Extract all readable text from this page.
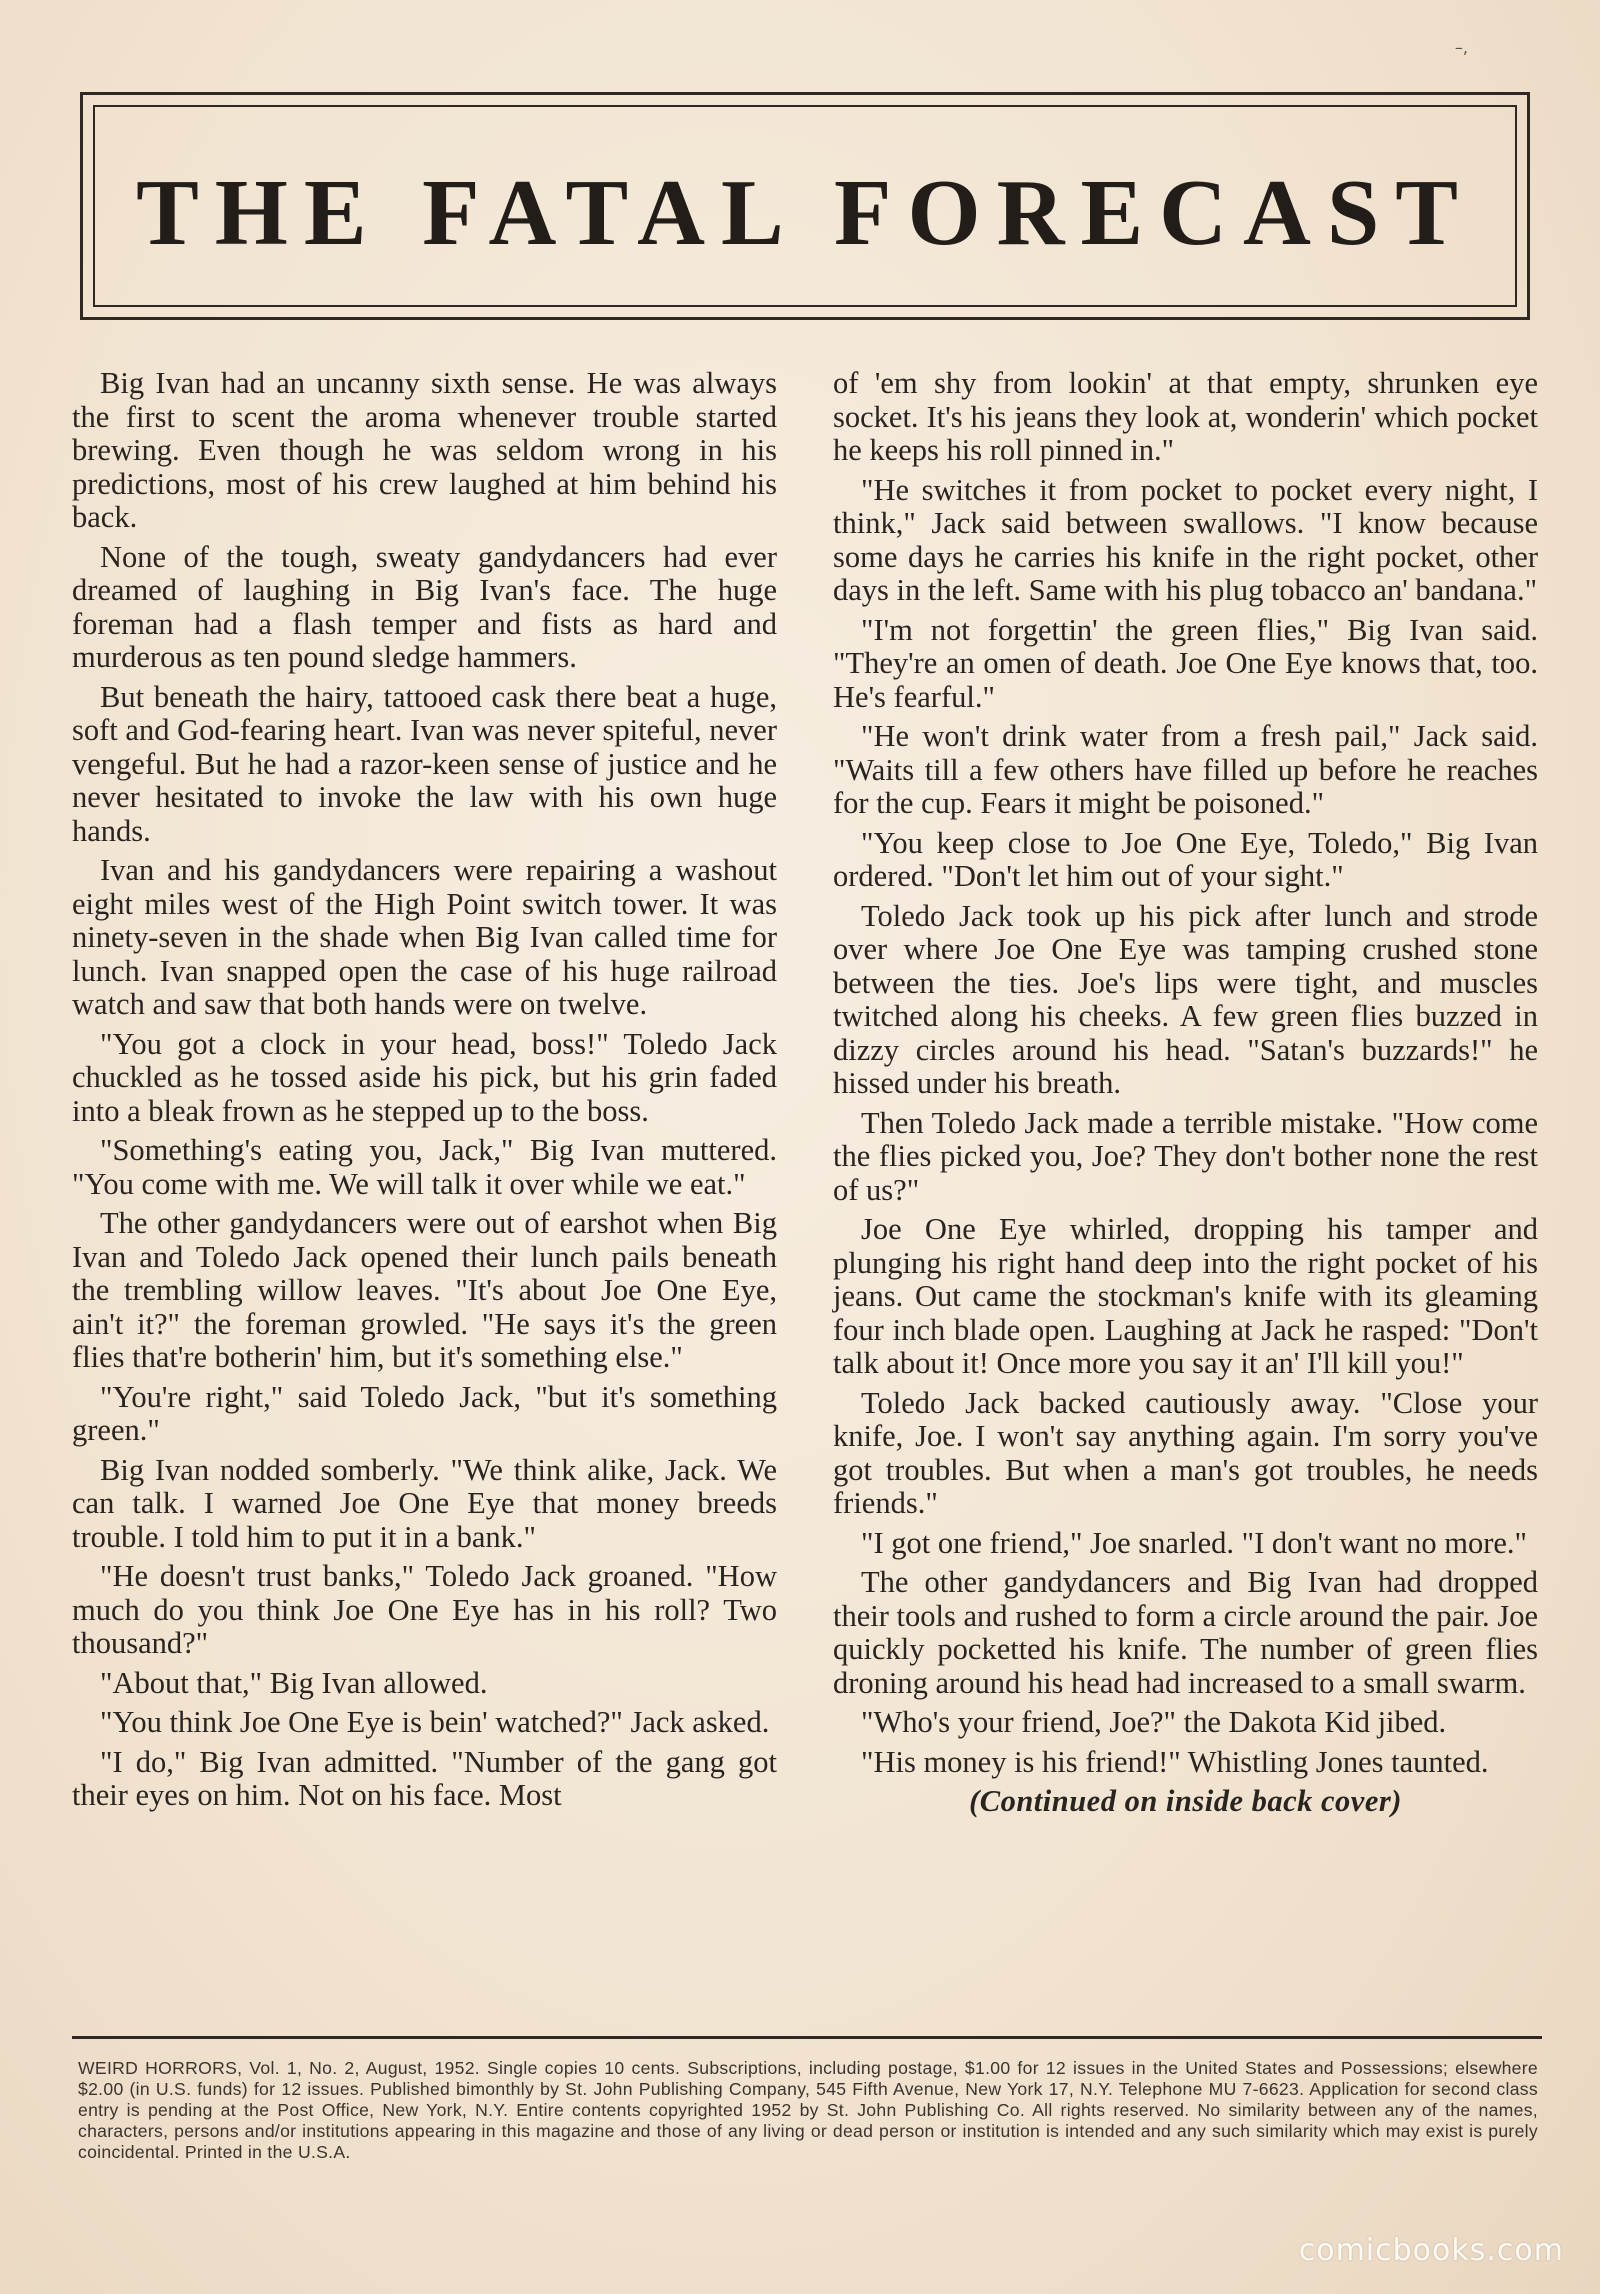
–,
THE FATAL FORECAST

Big Ivan had an uncanny sixth sense. He was always the first to scent the aroma whenever trouble started brewing. Even though he was seldom wrong in his predictions, most of his crew laughed at him behind his back.

None of the tough, sweaty gandydancers had ever dreamed of laughing in Big Ivan's face. The huge foreman had a flash temper and fists as hard and murderous as ten pound sledge hammers.

But beneath the hairy, tattooed cask there beat a huge, soft and God-fearing heart. Ivan was never spiteful, never vengeful. But he had a razor-keen sense of justice and he never hesitated to invoke the law with his own huge hands.

Ivan and his gandydancers were repairing a washout eight miles west of the High Point switch tower. It was ninety-seven in the shade when Big Ivan called time for lunch. Ivan snapped open the case of his huge railroad watch and saw that both hands were on twelve.

"You got a clock in your head, boss!" Toledo Jack chuckled as he tossed aside his pick, but his grin faded into a bleak frown as he stepped up to the boss.

"Something's eating you, Jack," Big Ivan muttered. "You come with me. We will talk it over while we eat."

The other gandydancers were out of earshot when Big Ivan and Toledo Jack opened their lunch pails beneath the trembling willow leaves. "It's about Joe One Eye, ain't it?" the foreman growled. "He says it's the green flies that're botherin' him, but it's something else."

"You're right," said Toledo Jack, "but it's something green."

Big Ivan nodded somberly. "We think alike, Jack. We can talk. I warned Joe One Eye that money breeds trouble. I told him to put it in a bank."

"He doesn't trust banks," Toledo Jack groaned. "How much do you think Joe One Eye has in his roll? Two thousand?"

"About that," Big Ivan allowed.

"You think Joe One Eye is bein' watched?" Jack asked.

"I do," Big Ivan admitted. "Number of the gang got their eyes on him. Not on his face. Most

of 'em shy from lookin' at that empty, shrunken eye socket. It's his jeans they look at, wonderin' which pocket he keeps his roll pinned in."

"He switches it from pocket to pocket every night, I think," Jack said between swallows. "I know because some days he carries his knife in the right pocket, other days in the left. Same with his plug tobacco an' bandana."

"I'm not forgettin' the green flies," Big Ivan said. "They're an omen of death. Joe One Eye knows that, too. He's fearful."

"He won't drink water from a fresh pail," Jack said. "Waits till a few others have filled up before he reaches for the cup. Fears it might be poisoned."

"You keep close to Joe One Eye, Toledo," Big Ivan ordered. "Don't let him out of your sight."

Toledo Jack took up his pick after lunch and strode over where Joe One Eye was tamping crushed stone between the ties. Joe's lips were tight, and muscles twitched along his cheeks. A few green flies buzzed in dizzy circles around his head. "Satan's buzzards!" he hissed under his breath.

Then Toledo Jack made a terrible mistake. "How come the flies picked you, Joe? They don't bother none the rest of us?"

Joe One Eye whirled, dropping his tamper and plunging his right hand deep into the right pocket of his jeans. Out came the stockman's knife with its gleaming four inch blade open. Laughing at Jack he rasped: "Don't talk about it! Once more you say it an' I'll kill you!"

Toledo Jack backed cautiously away. "Close your knife, Joe. I won't say anything again. I'm sorry you've got troubles. But when a man's got troubles, he needs friends."

"I got one friend," Joe snarled. "I don't want no more."

The other gandydancers and Big Ivan had dropped their tools and rushed to form a circle around the pair. Joe quickly pocketted his knife. The number of green flies droning around his head had increased to a small swarm.

"Who's your friend, Joe?" the Dakota Kid jibed.

"His money is his friend!" Whistling Jones taunted.

(Continued on inside back cover)
WEIRD HORRORS, Vol. 1, No. 2, August, 1952. Single copies 10 cents. Subscriptions, including postage, $1.00 for 12 issues in the United States and Possessions; elsewhere $2.00 (in U.S. funds) for 12 issues. Published bimonthly by St. John Publishing Company, 545 Fifth Avenue, New York 17, N.Y. Telephone MU 7-6623. Application for second class entry is pending at the Post Office, New York, N.Y. Entire contents copyrighted 1952 by St. John Publishing Co. All rights reserved. No similarity between any of the names, characters, persons and/or institutions appearing in this magazine and those of any living or dead person or institution is intended and any such similarity which may exist is purely coincidental. Printed in the U.S.A.
comicbooks.com
